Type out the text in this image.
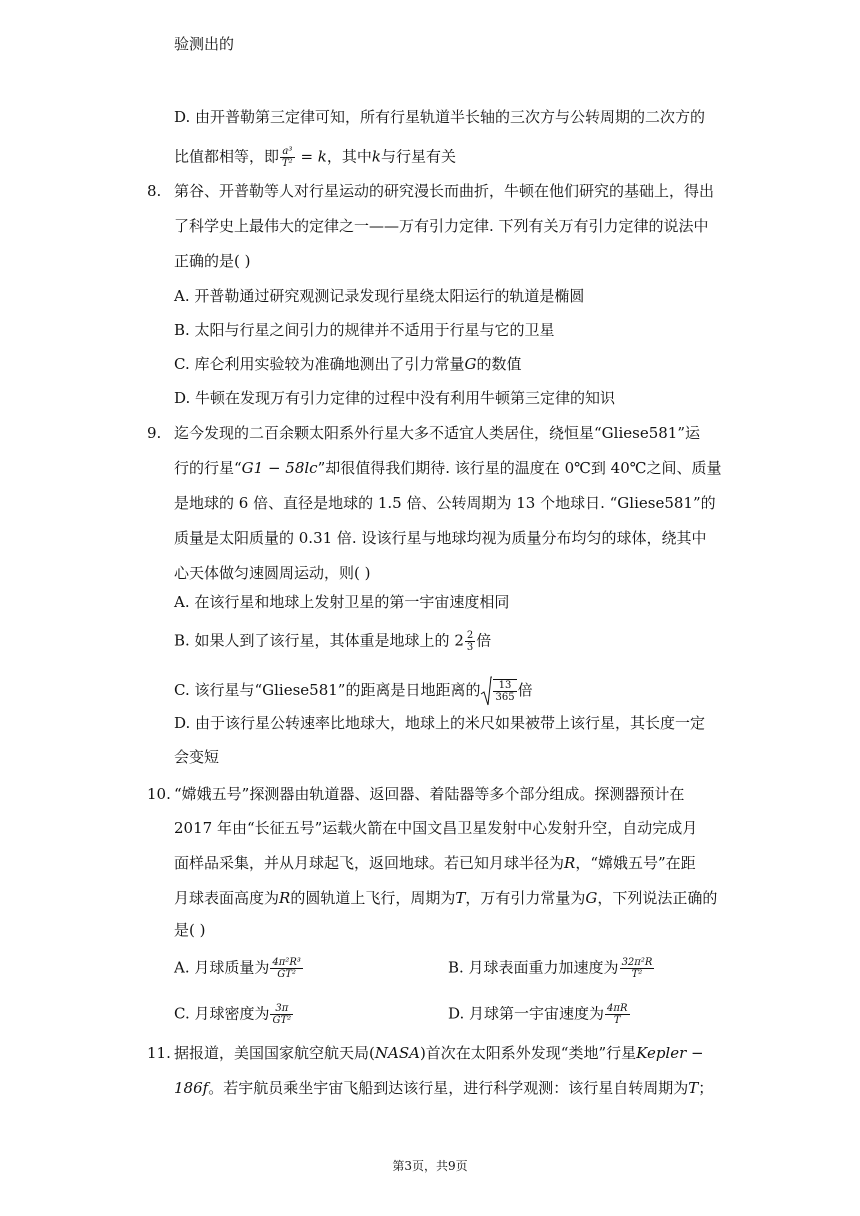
验测出的
D. 由开普勒第三定律可知，所有行星轨道半长轴的三次方与公转周期的二次方的
比值都相等，即 $\frac{\text{a³}}{\text{T²}} = k$，其中k与行星有关
8. 第谷、开普勒等人对行星运动的研究漫长而曲折，牛顿在他们研究的基础上，得出
了科学史上最伟大的定律之一——万有引力定律. 下列有关万有引力定律的说法中
正确的是( )
A. 开普勒通过研究观测记录发现行星绕太阳运行的轨道是椭圆
B. 太阳与行星之间引力的规律并不适用于行星与它的卫星
C. 库仑利用实验较为准确地测出了引力常量G的数值
D. 牛顿在发现万有引力定律的过程中没有利用牛顿第三定律的知识
9. 迄今发现的二百余颗太阳系外行星大多不适宜人类居住，绕恒星“Gliese581”运
行的行星“G1 − 58lc”却很值得我们期待. 该行星的温度在 0℃到 40℃之间、质量
是地球的 6 倍、直径是地球的 1.5 倍、公转周期为 13 个地球日. “Gliese581”的
质量是太阳质量的 0.31 倍. 设该行星与地球均视为质量分布均匀的球体，绕其中
心天体做匀速圆周运动，则( )
A. 在该行星和地球上发射卫星的第一宇宙速度相同
B. 如果人到了该行星，其体重是地球上的 $2 \frac{2}{3}$ 倍
C. 该行星与“Gliese581”的距离是日地距离的 $\frac{13}{365}$ 倍
D. 由于该行星公转速率比地球大，地球上的米尺如果被带上该行星，其长度一定
会变短
10. “嫦娥五号”探测器由轨道器、返回器、着陆器等多个部分组成。探测器预计在
2017 年由“长征五号”运载火箭在中国文昌卫星发射中心发射升空，自动完成月
面样品采集，并从月球起飞，返回地球。若已知月球半径为R，“嫦娥五号”在距
月球表面高度为R的圆轨道上飞行，周期为T，万有引力常量为G，下列说法正确的
是( )
A. 月球质量为 $\frac{\text{4π²R³}}{\text{GT²}}$	B. 月球表面重力加速度为 $\frac{\text{32π²R}}{\text{T²}}$
C. 月球密度为 $\frac{3\pi}{\text{GT²}}$	D. 月球第一宇宙速度为 $\frac{4\pi R}{T}$
11. 据报道，美国国家航空航天局(NASA)首次在太阳系外发现“类地”行星Kepler −
186f。若宇航员乘坐宇宙飞船到达该行星，进行科学观测：该行星自转周期为T；
第3页，共9页
